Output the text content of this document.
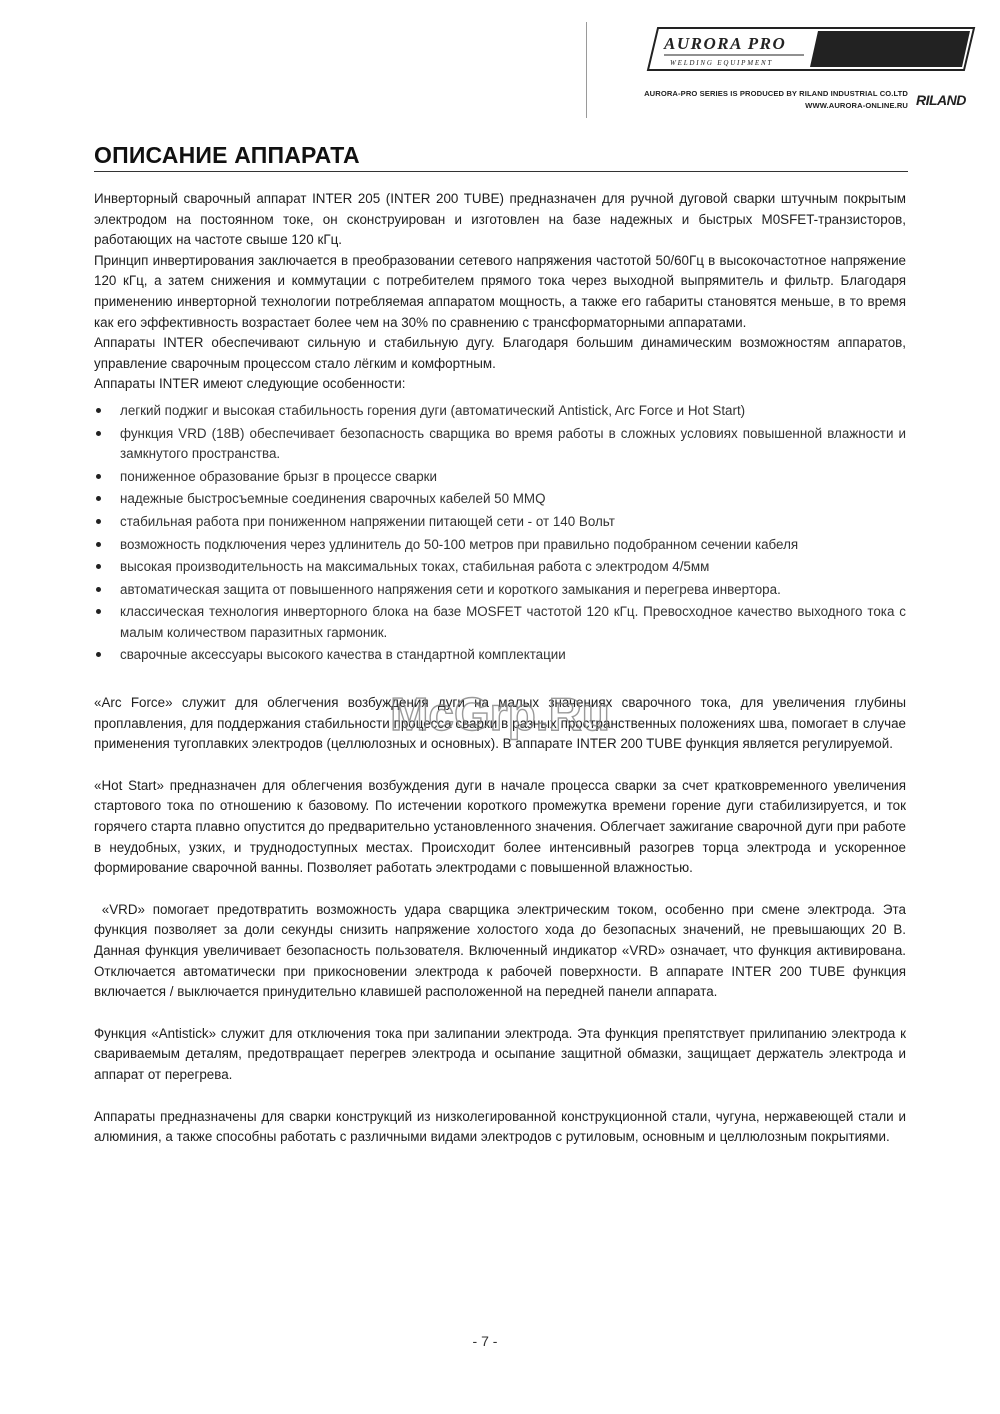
AURORA PRO
WELDING EQUIPMENT
AURORA-PRO SERIES IS PRODUCED BY RILAND INDUSTRIAL CO.LTD
WWW.AURORA-ONLINE.RU RILAND
ОПИСАНИЕ АППАРАТА

Инверторный сварочный аппарат INTER 205 (INTER 200 TUBE) предназначен для ручной дуговой сварки штучным покрытым электродом на постоянном токе, он сконструирован и изготовлен на базе надежных и быстрых M0SFET-транзисторов, работающих на частоте свыше 120 кГц.

Принцип инвертирования заключается в преобразовании сетевого напряжения частотой 50/60Гц в высокочастотное напряжение 120 кГц, а затем снижения и коммутации с потребителем прямого тока через выходной выпрямитель и фильтр. Благодаря применению инверторной технологии потребляемая аппаратом мощность, а также его габариты становятся меньше, в то время как его эффективность возрастает более чем на 30% по сравнению с трансформаторными аппаратами.

Аппараты INTER обеспечивают сильную и стабильную дугу. Благодаря большим динамическим возможностям аппаратов, управление сварочным процессом стало лёгким и комфортным.

Аппараты INTER имеют следующие особенности:

легкий поджиг и высокая стабильность горения дуги (автоматический Antistick, Arc Force и Hot Start)
функция VRD (18В) обеспечивает безопасность сварщика во время работы в сложных условиях повышенной влажности и замкнутого пространства.
пониженное образование брызг в процессе сварки
надежные быстросъемные соединения сварочных кабелей 50 MMQ
стабильная работа при пониженном напряжении питающей сети - от 140 Вольт
возможность подключения через удлинитель до 50-100 метров при правильно подобранном сечении кабеля
высокая производительность на максимальных токах, стабильная работа с электродом 4/5мм
автоматическая защита от повышенного напряжения сети и короткого замыкания и перегрева инвертора.
классическая технология инверторного блока на базе MOSFET частотой 120 кГц. Превосходное качество выходного тока с малым количеством паразитных гармоник.
сварочные аксессуары высокого качества в стандартной комплектации

«Arc Force» служит для облегчения возбуждения дуги на малых значениях сварочного тока, для увеличения глубины проплавления, для поддержания стабильности процесса сварки в разных пространственных положениях шва, помогает в случае применения тугоплавких электродов (целлюлозных и основных). В аппарате INTER 200 TUBE функция является регулируемой.

«Hot Start» предназначен для облегчения возбуждения дуги в начале процесса сварки за счет кратковременного увеличения стартового тока по отношению к базовому. По истечении короткого промежутка времени горение дуги стабилизируется, и ток горячего старта плавно опустится до предварительно установленного значения. Облегчает зажигание сварочной дуги при работе в неудобных, узких, и труднодоступных местах. Происходит более интенсивный разогрев торца электрода и ускоренное формирование сварочной ванны. Позволяет работать электродами с повышенной влажностью.

«VRD» помогает предотвратить возможность удара сварщика электрическим током, особенно при смене электрода. Эта функция позволяет за доли секунды снизить напряжение холостого хода до безопасных значений, не превышающих 20 В. Данная функция увеличивает безопасность пользователя. Включенный индикатор «VRD» означает, что функция активирована. Отключается автоматически при прикосновении электрода к рабочей поверхности. В аппарате INTER 200 TUBE функция включается / выключается принудительно клавишей расположенной на передней панели аппарата.

Функция «Antistick» служит для отключения тока при залипании электрода. Эта функция препятствует прилипанию электрода к свариваемым деталям, предотвращает перегрев электрода и осыпание защитной обмазки, защищает держатель электрода и аппарат от перегрева.

Аппараты предназначены для сварки конструкций из низколегированной конструкционной стали, чугуна, нержавеющей стали и алюминия, а также способны работать с различными видами электродов с рутиловым, основным и целлюлозным покрытиями.

McGrp.Ru
- 7 -
